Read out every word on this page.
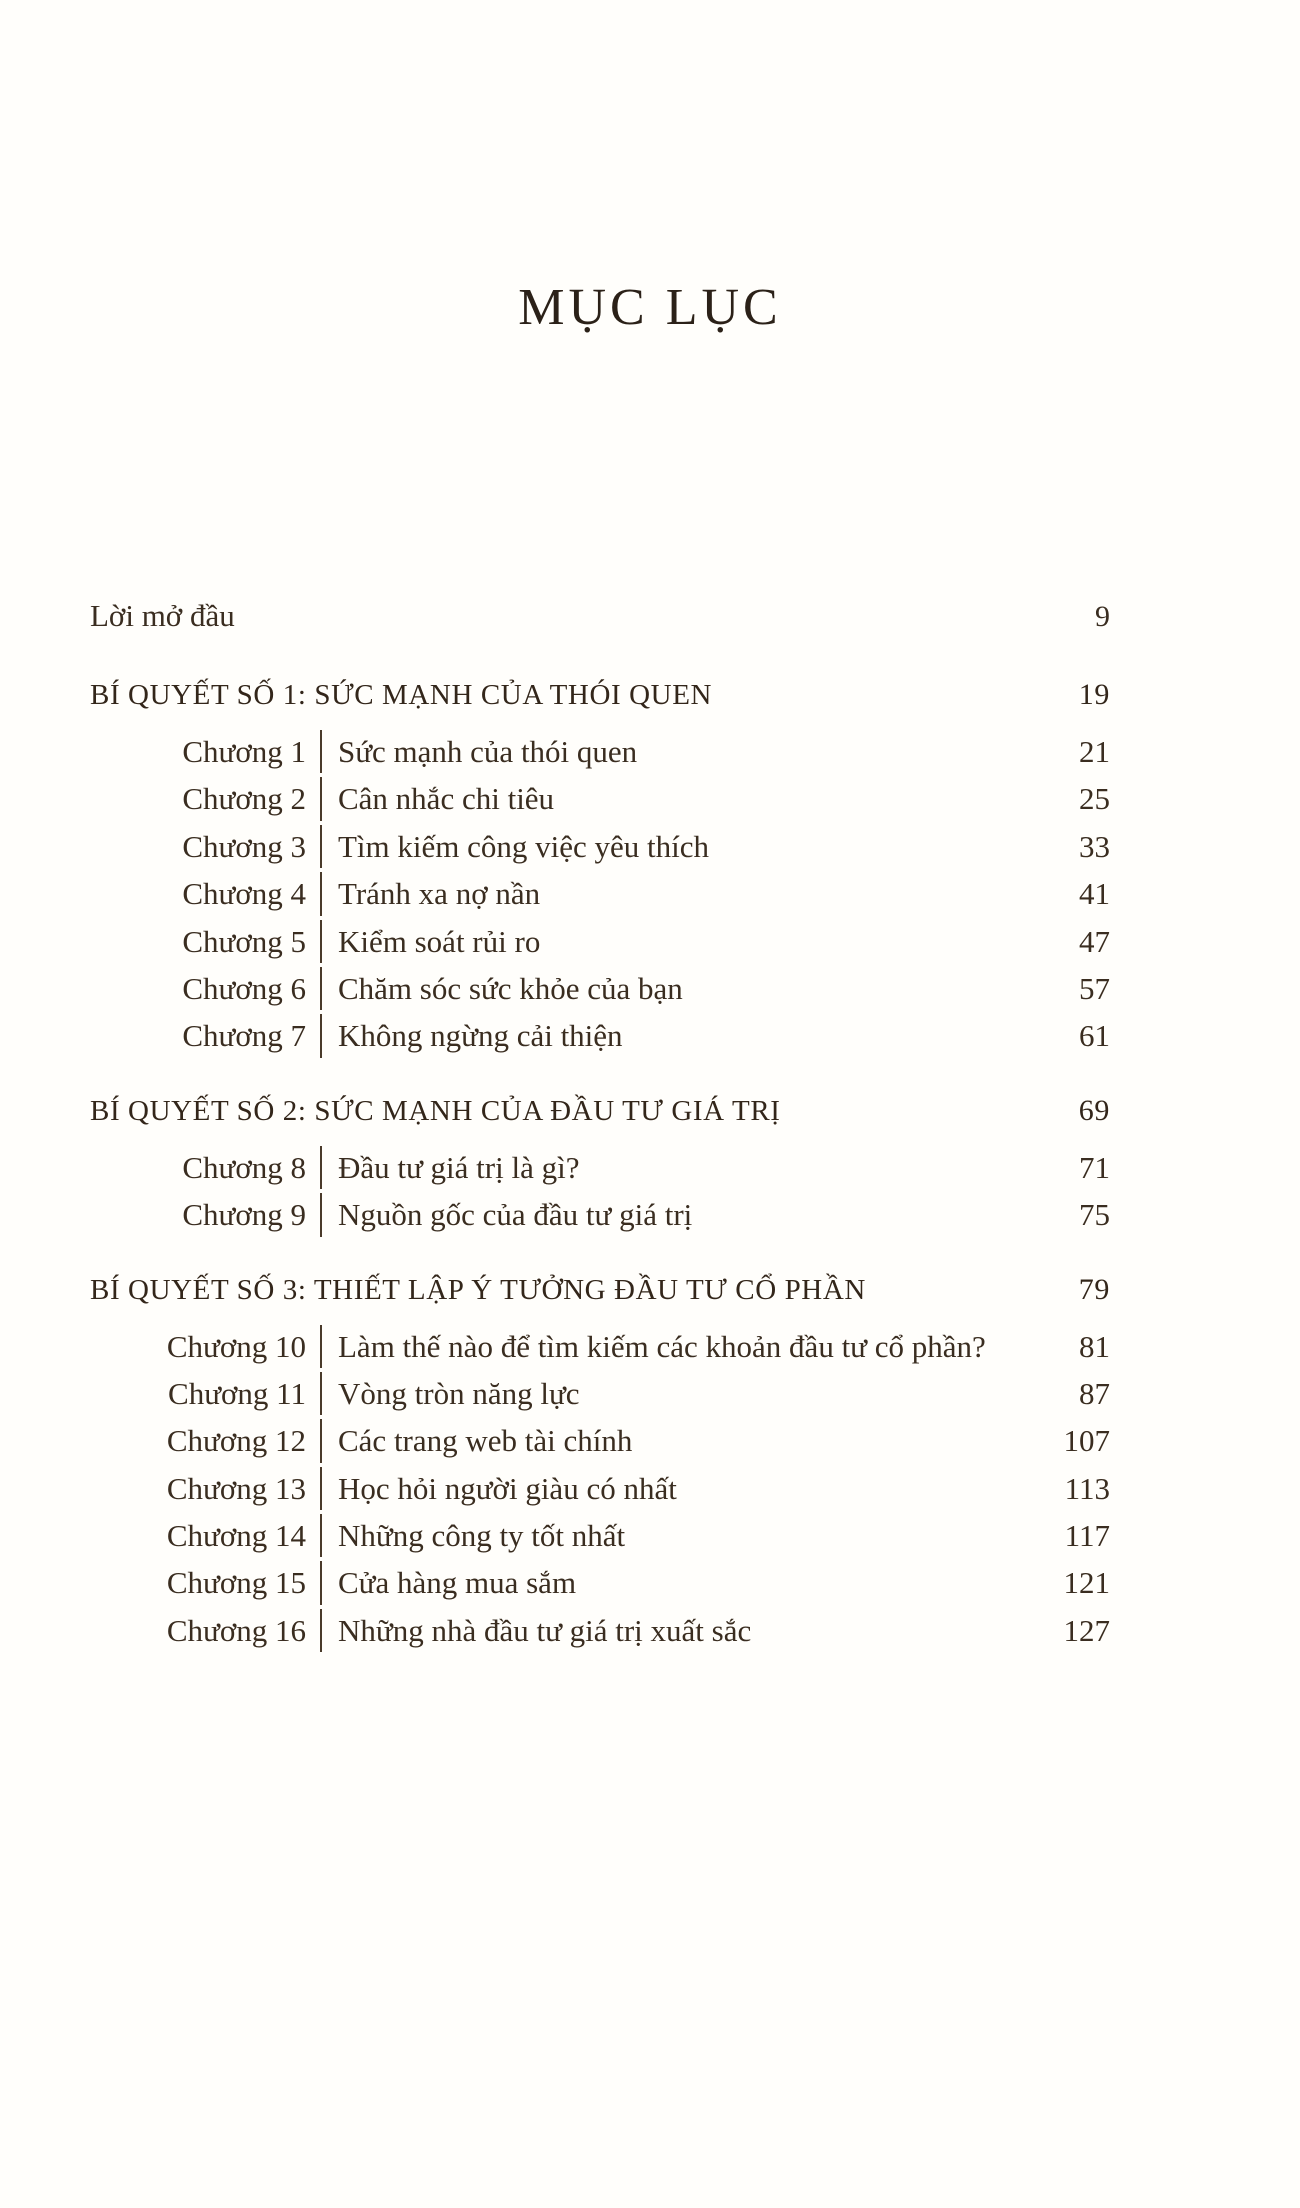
MỤC LỤC
Lời mở đầu	9
BÍ QUYẾT SỐ 1: SỨC MẠNH CỦA THÓI QUEN	19
Chương 1	Sức mạnh của thói quen	21
Chương 2	Cân nhắc chi tiêu	25
Chương 3	Tìm kiếm công việc yêu thích	33
Chương 4	Tránh xa nợ nần	41
Chương 5	Kiểm soát rủi ro	47
Chương 6	Chăm sóc sức khỏe của bạn	57
Chương 7	Không ngừng cải thiện	61
BÍ QUYẾT SỐ 2: SỨC MẠNH CỦA ĐẦU TƯ GIÁ TRỊ	69
Chương 8	Đầu tư giá trị là gì?	71
Chương 9	Nguồn gốc của đầu tư giá trị	75
BÍ QUYẾT SỐ 3: THIẾT LẬP Ý TƯỞNG ĐẦU TƯ CỔ PHẦN	79
Chương 10	Làm thế nào để tìm kiếm các khoản đầu tư cổ phần?	81
Chương 11	Vòng tròn năng lực	87
Chương 12	Các trang web tài chính	107
Chương 13	Học hỏi người giàu có nhất	113
Chương 14	Những công ty tốt nhất	117
Chương 15	Cửa hàng mua sắm	121
Chương 16	Những nhà đầu tư giá trị xuất sắc	127
